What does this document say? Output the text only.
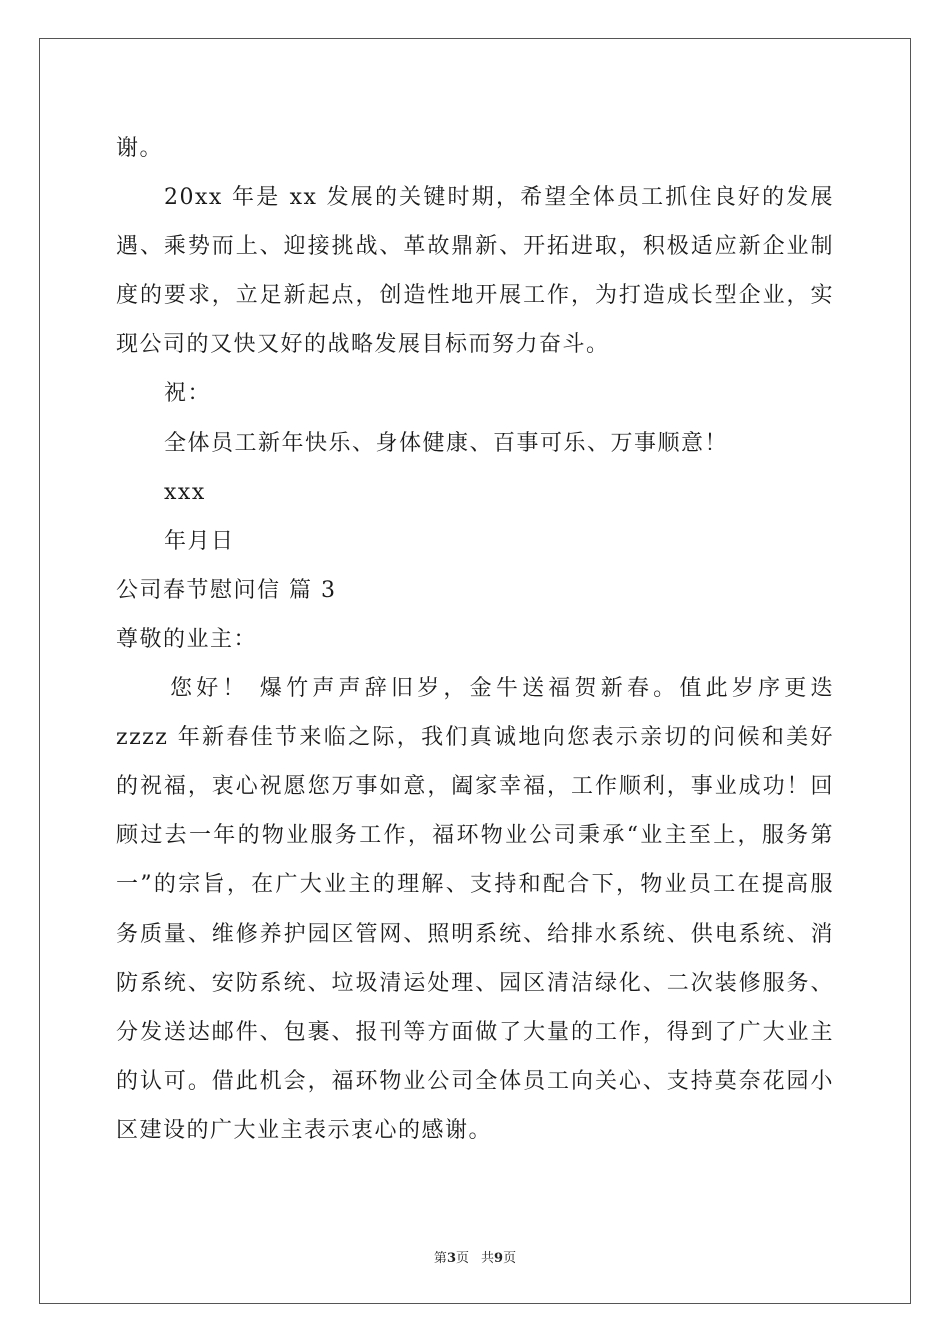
谢。
20xx 年是 xx 发展的关键时期，希望全体员工抓住良好的发展
遇、乘势而上、迎接挑战、革故鼎新、开拓进取，积极适应新企业制
度的要求，立足新起点，创造性地开展工作，为打造成长型企业，实
现公司的又快又好的战略发展目标而努力奋斗。
祝：
全体员工新年快乐、身体健康、百事可乐、万事顺意！
xxx
年月日
公司春节慰问信 篇 3
尊敬的业主：
您好！ 爆竹声声辞旧岁，金牛送福贺新春。值此岁序更迭
zzzz 年新春佳节来临之际，我们真诚地向您表示亲切的问候和美好
的祝福，衷心祝愿您万事如意，阖家幸福，工作顺利，事业成功！回
顾过去一年的物业服务工作，福环物业公司秉承“业主至上，服务第
一”的宗旨，在广大业主的理解、支持和配合下，物业员工在提高服
务质量、维修养护园区管网、照明系统、给排水系统、供电系统、消
防系统、安防系统、垃圾清运处理、园区清洁绿化、二次装修服务、
分发送达邮件、包裹、报刊等方面做了大量的工作，得到了广大业主
的认可。借此机会，福环物业公司全体员工向关心、支持莫奈花园小
区建设的广大业主表示衷心的感谢。
第3页 共9页
